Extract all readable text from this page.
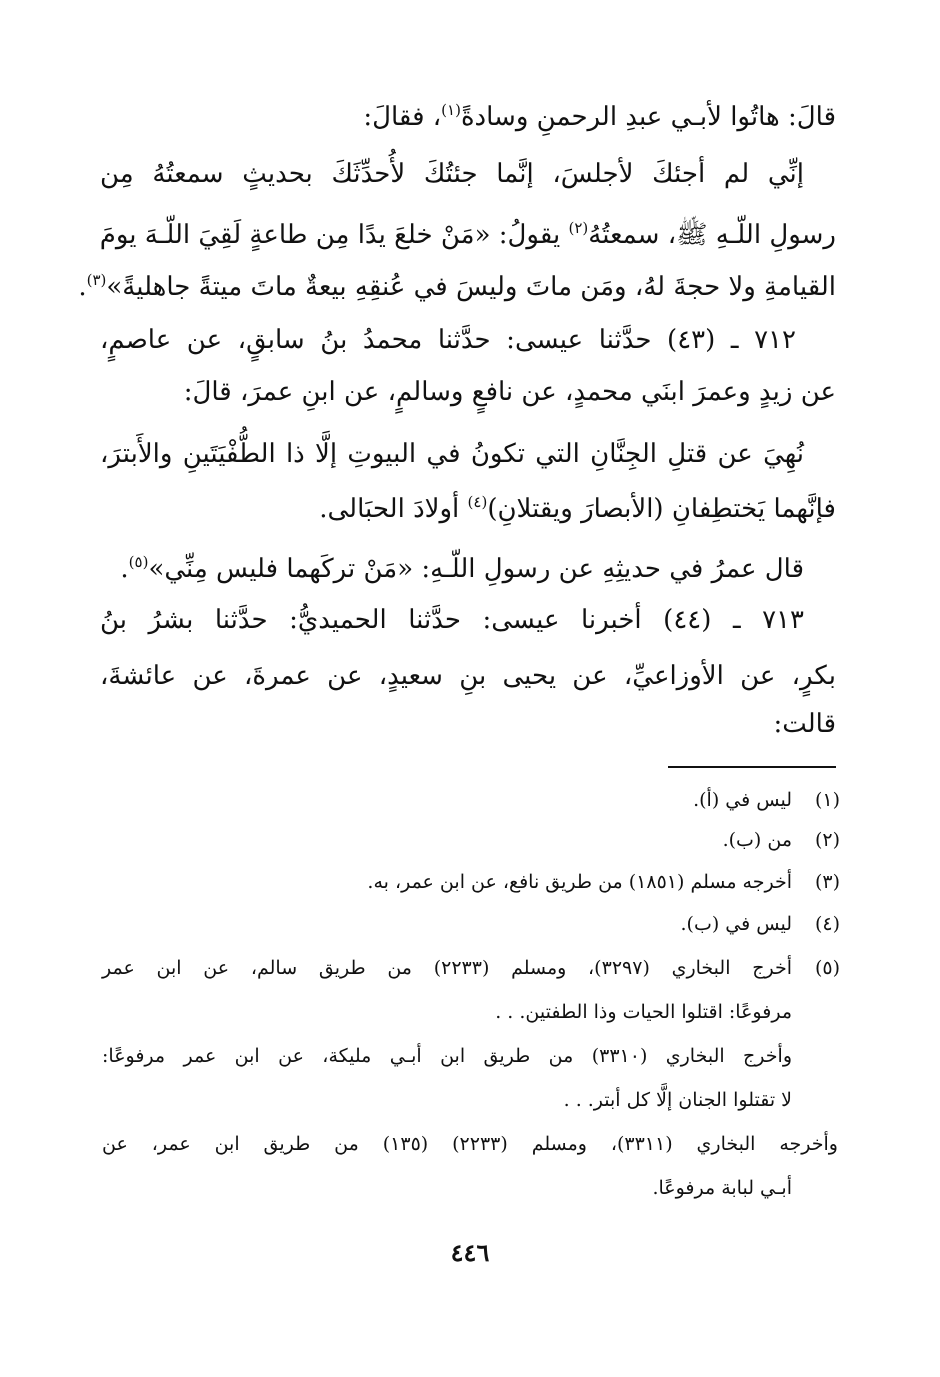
قالَ: هاتُوا لأبـي عبدِ الرحمنِ وسادةً$^{(١)}$، فقالَ:
إنِّي لم أجئكَ لأجلسَ، إنَّما جئتُكَ لأُحدِّثَكَ بحديثٍ سمعتُهُ مِن
رسولِ اللّـهِ ﷺ، سمعتُهُ$^{(٢)}$ يقولُ: «مَنْ خلعَ يدًا مِن طاعةٍ لَقِيَ اللّـهَ يومَ
القيامةِ ولا حجةَ لهُ، ومَن ماتَ وليسَ في عُنقِهِ بيعةٌ ماتَ ميتةً جاهليةً»$^{(٣)}$.
٧١٢ ـ (٤٣) حدَّثنا عيسى: حدَّثنا محمدُ بنُ سابقٍ، عن عاصمٍ،
عن زيدٍ وعمرَ ابنَي محمدٍ، عن نافعٍ وسالمٍ، عن ابنِ عمرَ، قالَ:
نُهِيَ عن قتلِ الجِنَّانِ التي تكونُ في البيوتِ إلَّا ذا الطُّفْيَتَينِ والأَبترَ،
فإنَّهما يَختطِفانِ (الأبصارَ ويقتلانِ)$^{(٤)}$ أولادَ الحبَالى.
قال عمرُ في حديثِهِ عن رسولِ اللّـهِ: «مَنْ تركَهما فليس مِنِّي»$^{(٥)}$.
٧١٣ ـ (٤٤) أخبرنا عيسى: حدَّثنا الحميديُّ: حدَّثنا بشرُ بنُ
بكرٍ، عن الأوزاعيِّ، عن يحيى بنِ سعيدٍ، عن عمرةَ، عن عائشةَ،
قالت:
(١)
ليس في (أ).
(٢)
من (ب).
(٣)
أخرجه مسلم (١٨٥١) من طريق نافع، عن ابن عمر، به.
(٤)
ليس في (ب).
(٥)
أخرج البخاري (٣٢٩٧)، ومسلم (٢٢٣٣) من طريق سالم، عن ابن عمر
مرفوعًا: اقتلوا الحيات وذا الطفتين. . .
وأخرج البخاري (٣٣١٠) من طريق ابن أبـي مليكة، عن ابن عمر مرفوعًا:
لا تقتلوا الجنان إلَّا كل أبتر. . .
وأخرجه البخاري (٣٣١١)، ومسلم (٢٢٣٣) (١٣٥) من طريق ابن عمر، عن
أبـي لبابة مرفوعًا.
٤٤٦
